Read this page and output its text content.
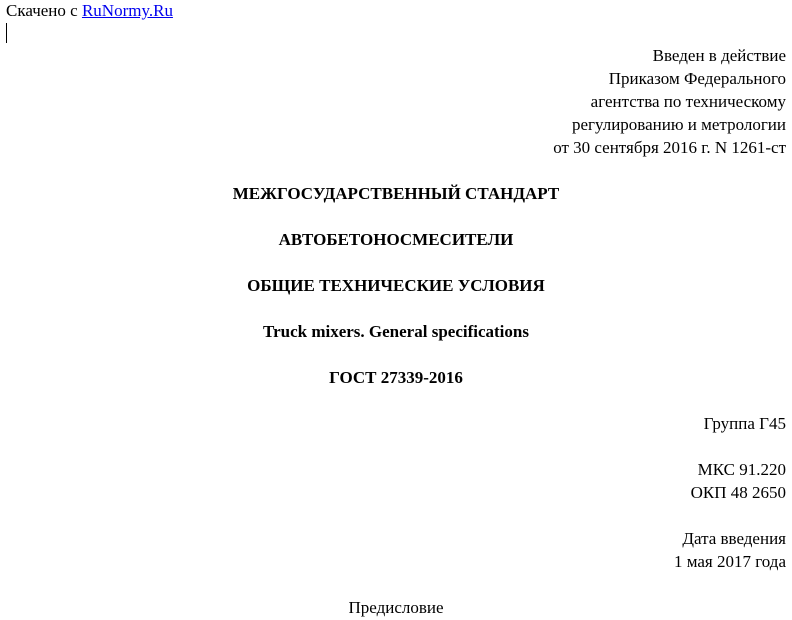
Скачено с RuNormy.Ru
Введен в действие
Приказом Федерального
агентства по техническому
регулированию и метрологии
от 30 сентября 2016 г. N 1261-ст
МЕЖГОСУДАРСТВЕННЫЙ СТАНДАРТ
АВТОБЕТОНОСМЕСИТЕЛИ
ОБЩИЕ ТЕХНИЧЕСКИЕ УСЛОВИЯ
Truck mixers. General specifications
ГОСТ 27339-2016
Группа Г45
МКС 91.220
ОКП 48 2650
Дата введения
1 мая 2017 года
Предисловие
